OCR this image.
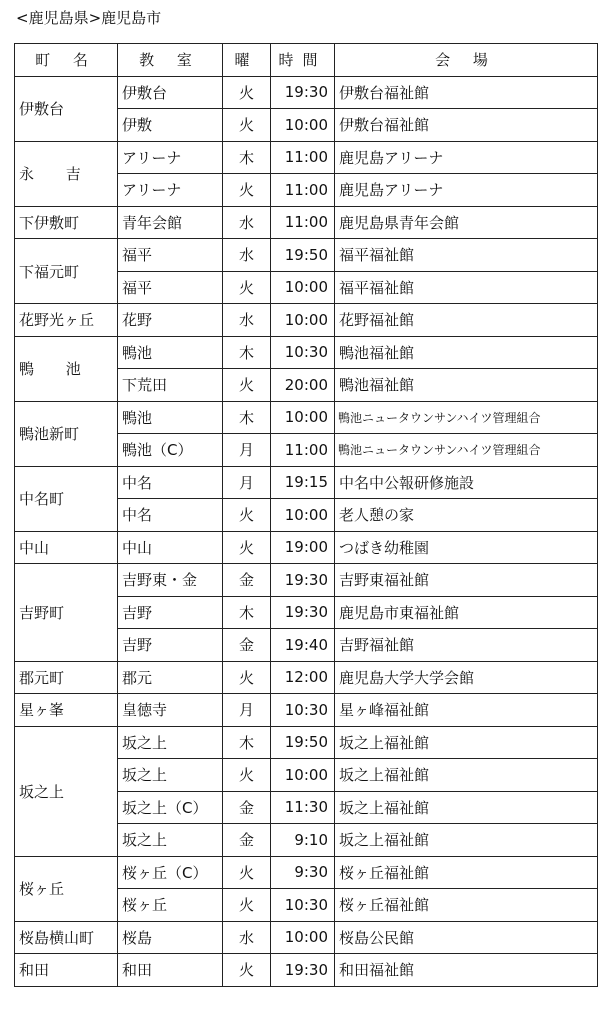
<鹿児島県>鹿児島市
町 名	教 室	曜	時間	会 場
伊敷台	伊敷台	火	19:30	伊敷台福祉館
	伊敷	火	10:00	伊敷台福祉館
永 吉	アリーナ	木	11:00	鹿児島アリーナ
	アリーナ	火	11:00	鹿児島アリーナ
下伊敷町	青年会館	水	11:00	鹿児島県青年会館
下福元町	福平	水	19:50	福平福祉館
	福平	火	10:00	福平福祉館
花野光ヶ丘	花野	水	10:00	花野福祉館
鴨 池	鴨池	木	10:30	鴨池福祉館
	下荒田	火	20:00	鴨池福祉館
鴨池新町	鴨池	木	10:00	鴨池ニュータウンサンハイツ管理組合
	鴨池（C）	月	11:00	鴨池ニュータウンサンハイツ管理組合
中名町	中名	月	19:15	中名中公報研修施設
	中名	火	10:00	老人憩の家
中山	中山	火	19:00	つばき幼稚園
吉野町	吉野東・金	金	19:30	吉野東福祉館
	吉野	木	19:30	鹿児島市東福祉館
	吉野	金	19:40	吉野福祉館
郡元町	郡元	火	12:00	鹿児島大学大学会館
星ヶ峯	皇徳寺	月	10:30	星ヶ峰福祉館
坂之上	坂之上	木	19:50	坂之上福祉館
	坂之上	火	10:00	坂之上福祉館
	坂之上（C）	金	11:30	坂之上福祉館
	坂之上	金	9:10	坂之上福祉館
桜ヶ丘	桜ヶ丘（C）	火	9:30	桜ヶ丘福祉館
	桜ヶ丘	火	10:30	桜ヶ丘福祉館
桜島横山町	桜島	水	10:00	桜島公民館
和田	和田	火	19:30	和田福祉館
